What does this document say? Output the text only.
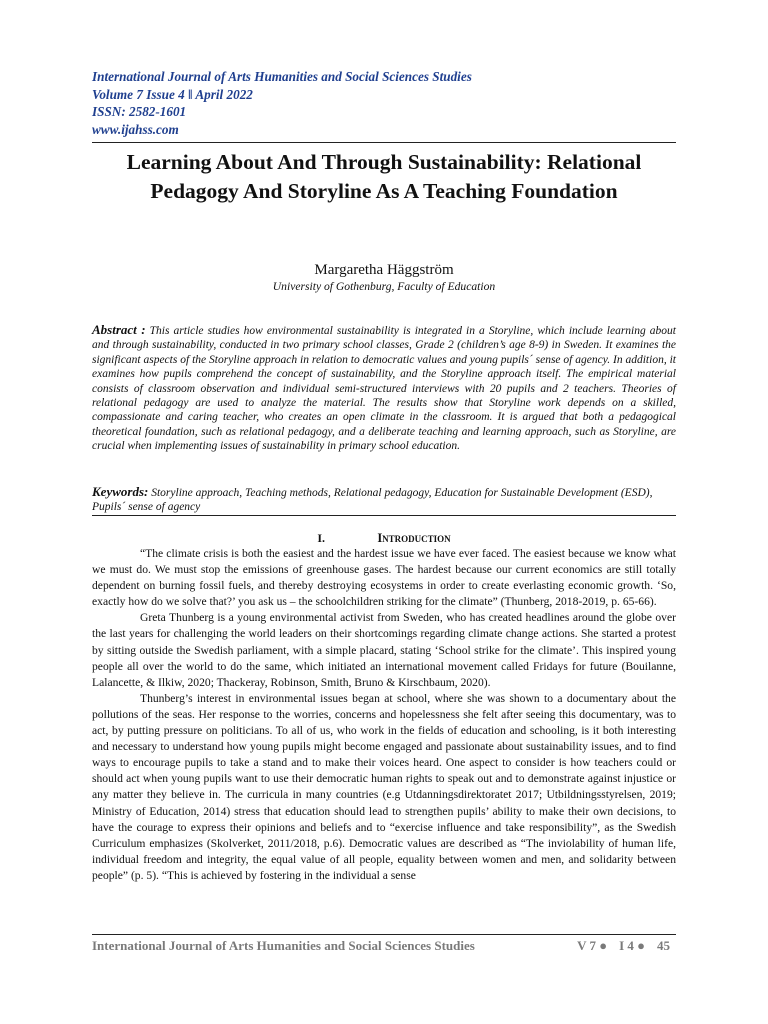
International Journal of Arts Humanities and Social Sciences Studies
Volume 7 Issue 4 ǁ April 2022
ISSN: 2582-1601
www.ijahss.com
Learning About And Through Sustainability: Relational Pedagogy And Storyline As A Teaching Foundation
Margaretha Häggström
University of Gothenburg, Faculty of Education

Abstract : This article studies how environmental sustainability is integrated in a Storyline, which include learning about and through sustainability, conducted in two primary school classes, Grade 2 (children’s age 8-9) in Sweden. It examines the significant aspects of the Storyline approach in relation to democratic values and young pupils´ sense of agency. In addition, it examines how pupils comprehend the concept of sustainability, and the Storyline approach itself. The empirical material consists of classroom observation and individual semi-structured interviews with 20 pupils and 2 teachers. Theories of relational pedagogy are used to analyze the material. The results show that Storyline work depends on a skilled, compassionate and caring teacher, who creates an open climate in the classroom. It is argued that both a pedagogical theoretical foundation, such as relational pedagogy, and a deliberate teaching and learning approach, such as Storyline, are crucial when implementing issues of sustainability in primary school education.

Keywords: Storyline approach, Teaching methods, Relational pedagogy, Education for Sustainable Development (ESD), Pupils´ sense of agency

I.	Introduction

“The climate crisis is both the easiest and the hardest issue we have ever faced. The easiest because we know what we must do. We must stop the emissions of greenhouse gases. The hardest because our current economics are still totally dependent on burning fossil fuels, and thereby destroying ecosystems in order to create everlasting economic growth. ‘So, exactly how do we solve that?’ you ask us – the schoolchildren striking for the climate” (Thunberg, 2018-2019, p. 65-66).

Greta Thunberg is a young environmental activist from Sweden, who has created headlines around the globe over the last years for challenging the world leaders on their shortcomings regarding climate change actions. She started a protest by sitting outside the Swedish parliament, with a simple placard, stating ‘School strike for the climate’. This inspired young people all over the world to do the same, which initiated an international movement called Fridays for future (Bouilanne, Lalancette, & Ilkiw, 2020; Thackeray, Robinson, Smith, Bruno & Kirschbaum, 2020).

Thunberg’s interest in environmental issues began at school, where she was shown to a documentary about the pollutions of the seas. Her response to the worries, concerns and hopelessness she felt after seeing this documentary, was to act, by putting pressure on politicians. To all of us, who work in the fields of education and schooling, is it both interesting and necessary to understand how young pupils might become engaged and passionate about sustainability issues, and to find ways to encourage pupils to take a stand and to make their voices heard. One aspect to consider is how teachers could or should act when young pupils want to use their democratic human rights to speak out and to demonstrate against injustice or any matter they believe in. The curricula in many countries (e.g Utdanningsdirektoratet 2017; Utbildningsstyrelsen, 2019; Ministry of Education, 2014) stress that education should lead to strengthen pupils’ ability to make their own decisions, to have the courage to express their opinions and beliefs and to “exercise influence and take responsibility”, as the Swedish Curriculum emphasizes (Skolverket, 2011/2018, p.6). Democratic values are described as “The inviolability of human life, individual freedom and integrity, the equal value of all people, equality between women and men, and solidarity between people” (p. 5). “This is achieved by fostering in the individual a sense

International Journal of Arts Humanities and Social Sciences Studies	V 7 ● I 4 ● 45
